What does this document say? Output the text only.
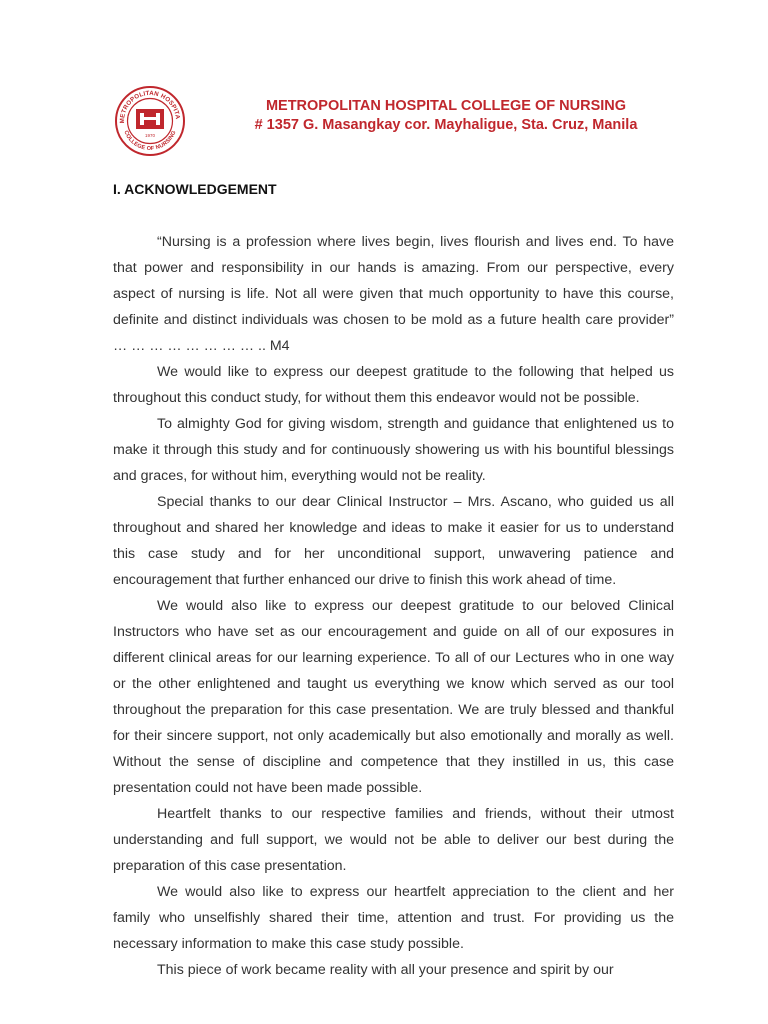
METROPOLITAN HOSPITA
COLLEGE OF NURSING
1970
METROPOLITAN HOSPITAL COLLEGE OF NURSING
# 1357 G. Masangkay cor. Mayhaligue, Sta. Cruz, Manila
I. ACKNOWLEDGEMENT

“Nursing is a profession where lives begin, lives flourish and lives end. To have that power and responsibility in our hands is amazing. From our perspective, every aspect of nursing is life. Not all were given that much opportunity to have this course, definite and distinct individuals was chosen to be mold as a future health care provider” … … … … … … … … .. M4

We would like to express our deepest gratitude to the following that helped us throughout this conduct study, for without them this endeavor would not be possible.

To almighty God for giving wisdom, strength and guidance that enlightened us to make it through this study and for continuously showering us with his bountiful blessings and graces, for without him, everything would not be reality.

Special thanks to our dear Clinical Instructor – Mrs. Ascano, who guided us all throughout and shared her knowledge and ideas to make it easier for us to understand this case study and for her unconditional support, unwavering patience and encouragement that further enhanced our drive to finish this work ahead of time.

We would also like to express our deepest gratitude to our beloved Clinical Instructors who have set as our encouragement and guide on all of our exposures in different clinical areas for our learning experience. To all of our Lectures who in one way or the other enlightened and taught us everything we know which served as our tool throughout the preparation for this case presentation. We are truly blessed and thankful for their sincere support, not only academically but also emotionally and morally as well. Without the sense of discipline and competence that they instilled in us, this case presentation could not have been made possible.

Heartfelt thanks to our respective families and friends, without their utmost understanding and full support, we would not be able to deliver our best during the preparation of this case presentation.

We would also like to express our heartfelt appreciation to the client and her family who unselfishly shared their time, attention and trust. For providing us the necessary information to make this case study possible.

This piece of work became reality with all your presence and spirit by our
